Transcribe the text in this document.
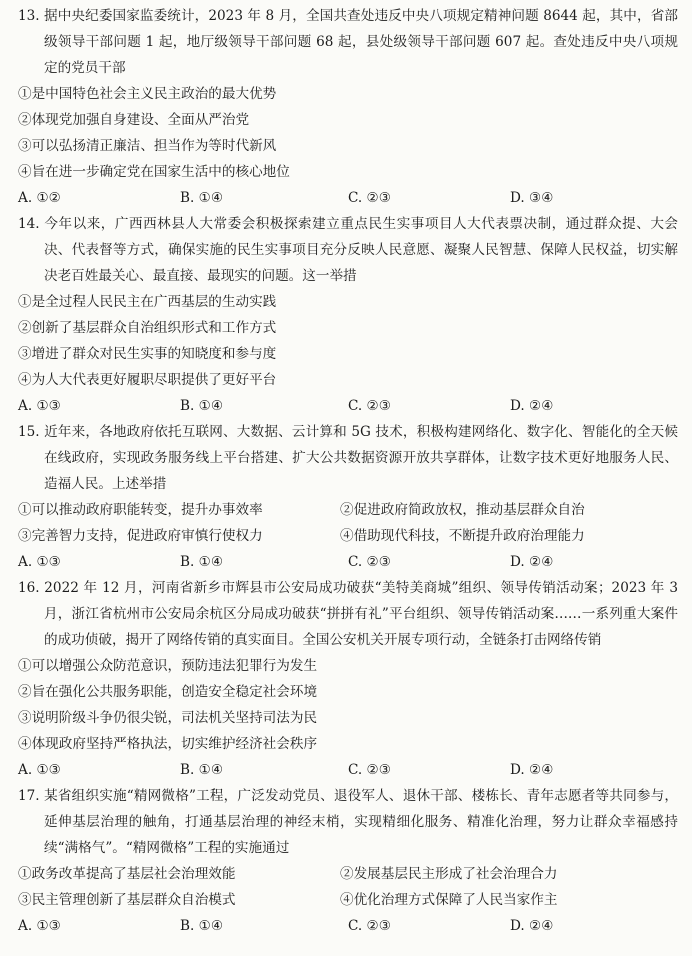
13. 据中央纪委国家监委统计，2023 年 8 月，全国共查处违反中央八项规定精神问题 8644 起，其中，省部级领导干部问题 1 起，地厅级领导干部问题 68 起，县处级领导干部问题 607 起。查处违反中央八项规定的党员干部
①是中国特色社会主义民主政治的最大优势
②体现党加强自身建设、全面从严治党
③可以弘扬清正廉洁、担当作为等时代新风
④旨在进一步确定党在国家生活中的核心地位
A. ①②	B. ①④	C. ②③	D. ③④
14. 今年以来，广西西林县人大常委会积极探索建立重点民生实事项目人大代表票决制，通过群众提、大会决、代表督等方式，确保实施的民生实事项目充分反映人民意愿、凝聚人民智慧、保障人民权益，切实解决老百姓最关心、最直接、最现实的问题。这一举措
①是全过程人民民主在广西基层的生动实践
②创新了基层群众自治组织形式和工作方式
③增进了群众对民生实事的知晓度和参与度
④为人大代表更好履职尽职提供了更好平台
A. ①③	B. ①④	C. ②③	D. ②④
15. 近年来，各地政府依托互联网、大数据、云计算和 5G 技术，积极构建网络化、数字化、智能化的全天候在线政府，实现政务服务线上平台搭建、扩大公共数据资源开放共享群体，让数字技术更好地服务人民、造福人民。上述举措
①可以推动政府职能转变，提升办事效率	②促进政府简政放权，推动基层群众自治
③完善智力支持，促进政府审慎行使权力	④借助现代科技，不断提升政府治理能力
A. ①③	B. ①④	C. ②③	D. ②④
16. 2022 年 12 月，河南省新乡市辉县市公安局成功破获“美特美商城”组织、领导传销活动案；2023 年 3 月，浙江省杭州市公安局余杭区分局成功破获“拼拼有礼”平台组织、领导传销活动案……一系列重大案件的成功侦破，揭开了网络传销的真实面目。全国公安机关开展专项行动，全链条打击网络传销
①可以增强公众防范意识，预防违法犯罪行为发生
②旨在强化公共服务职能，创造安全稳定社会环境
③说明阶级斗争仍很尖锐，司法机关坚持司法为民
④体现政府坚持严格执法，切实维护经济社会秩序
A. ①③	B. ①④	C. ②③	D. ②④
17. 某省组织实施“精网微格”工程，广泛发动党员、退役军人、退休干部、楼栋长、青年志愿者等共同参与，延伸基层治理的触角，打通基层治理的神经末梢，实现精细化服务、精准化治理，努力让群众幸福感持续“满格气”。“精网微格”工程的实施通过
①政务改革提高了基层社会治理效能	②发展基层民主形成了社会治理合力
③民主管理创新了基层群众自治模式	④优化治理方式保障了人民当家作主
A. ①③	B. ①④	C. ②③	D. ②④
